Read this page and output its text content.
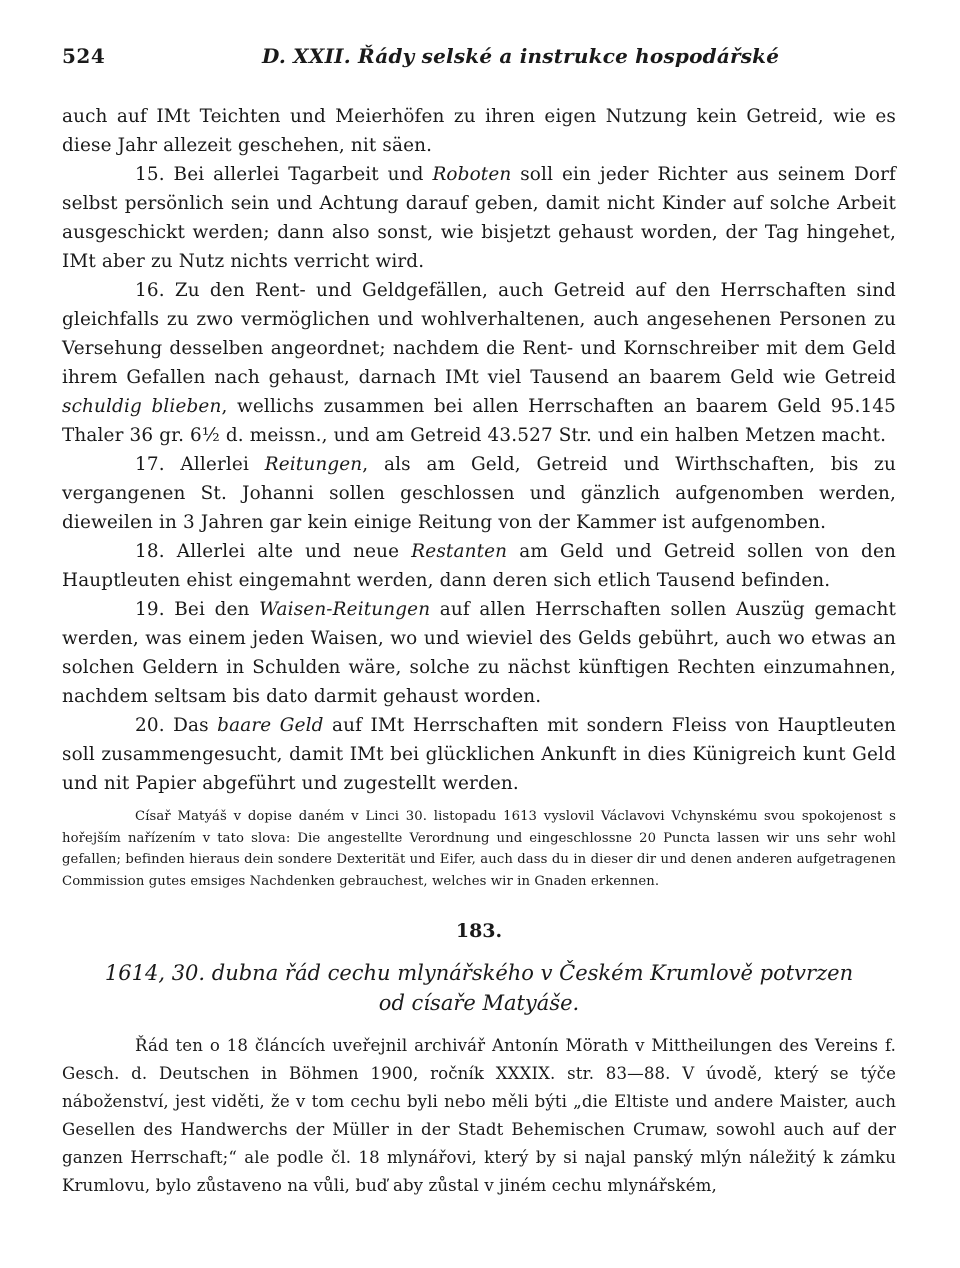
524	D. XXII. Řády selské a instrukce hospodářské

auch auf IMt Teichten und Meierhöfen zu ihren eigen Nutzung kein Getreid, wie es diese Jahr allezeit geschehen, nit säen.

15. Bei allerlei Tagarbeit und Roboten soll ein jeder Richter aus seinem Dorf selbst persönlich sein und Achtung darauf geben, damit nicht Kinder auf solche Arbeit ausgeschickt werden; dann also sonst, wie bisjetzt gehaust worden, der Tag hingehet, IMt aber zu Nutz nichts verricht wird.

16. Zu den Rent- und Geldgefällen, auch Getreid auf den Herrschaften sind gleichfalls zu zwo vermöglichen und wohlverhaltenen, auch angesehenen Personen zu Versehung desselben angeordnet; nachdem die Rent- und Kornschreiber mit dem Geld ihrem Gefallen nach gehaust, darnach IMt viel Tausend an baarem Geld wie Getreid schuldig blieben, wellichs zusammen bei allen Herrschaften an baarem Geld 95.145 Thaler 36 gr. 6½ d. meissn., und am Getreid 43.527 Str. und ein halben Metzen macht.

17. Allerlei Reitungen, als am Geld, Getreid und Wirthschaften, bis zu vergangenen St. Johanni sollen geschlossen und gänzlich aufgenomben werden, dieweilen in 3 Jahren gar kein einige Reitung von der Kammer ist aufgenomben.

18. Allerlei alte und neue Restanten am Geld und Getreid sollen von den Hauptleuten ehist eingemahnt werden, dann deren sich etlich Tausend befinden.

19. Bei den Waisen-Reitungen auf allen Herrschaften sollen Auszüg gemacht werden, was einem jeden Waisen, wo und wieviel des Gelds gebührt, auch wo etwas an solchen Geldern in Schulden wäre, solche zu nächst künftigen Rechten einzumahnen, nachdem seltsam bis dato darmit gehaust worden.

20. Das baare Geld auf IMt Herrschaften mit sondern Fleiss von Hauptleuten soll zusammengesucht, damit IMt bei glücklichen Ankunft in dies Künigreich kunt Geld und nit Papier abgeführt und zugestellt werden.

Císař Matyáš v dopise daném v Linci 30. listopadu 1613 vyslovil Václavovi Vchynskému svou spokojenost s hořejším nařízením v tato slova: Die angestellte Verordnung und eingeschlossne 20 Puncta lassen wir uns sehr wohl gefallen; befinden hieraus dein sondere Dexterität und Eifer, auch dass du in dieser dir und denen anderen aufgetragenen Commission gutes emsiges Nachdenken gebrauchest, welches wir in Gnaden erkennen.
183.
1614, 30. dubna řád cechu mlynářského v Českém Krumlově potvrzen
od císaře Matyáše.
Řád ten o 18 článcích uveřejnil archivář Antonín Mörath v Mittheilungen des Vereins f. Gesch. d. Deutschen in Böhmen 1900, ročník XXXIX. str. 83—88. V úvodě, který se týče náboženství, jest viděti, že v tom cechu byli nebo měli býti „die Eltiste und andere Maister, auch Gesellen des Handwerchs der Müller in der Stadt Behemischen Crumaw, sowohl auch auf der ganzen Herrschaft;“ ale podle čl. 18 mlynářovi, který by si najal panský mlýn náležitý k zámku Krumlovu, bylo zůstaveno na vůli, buď aby zůstal v jiném cechu mlynářském,
